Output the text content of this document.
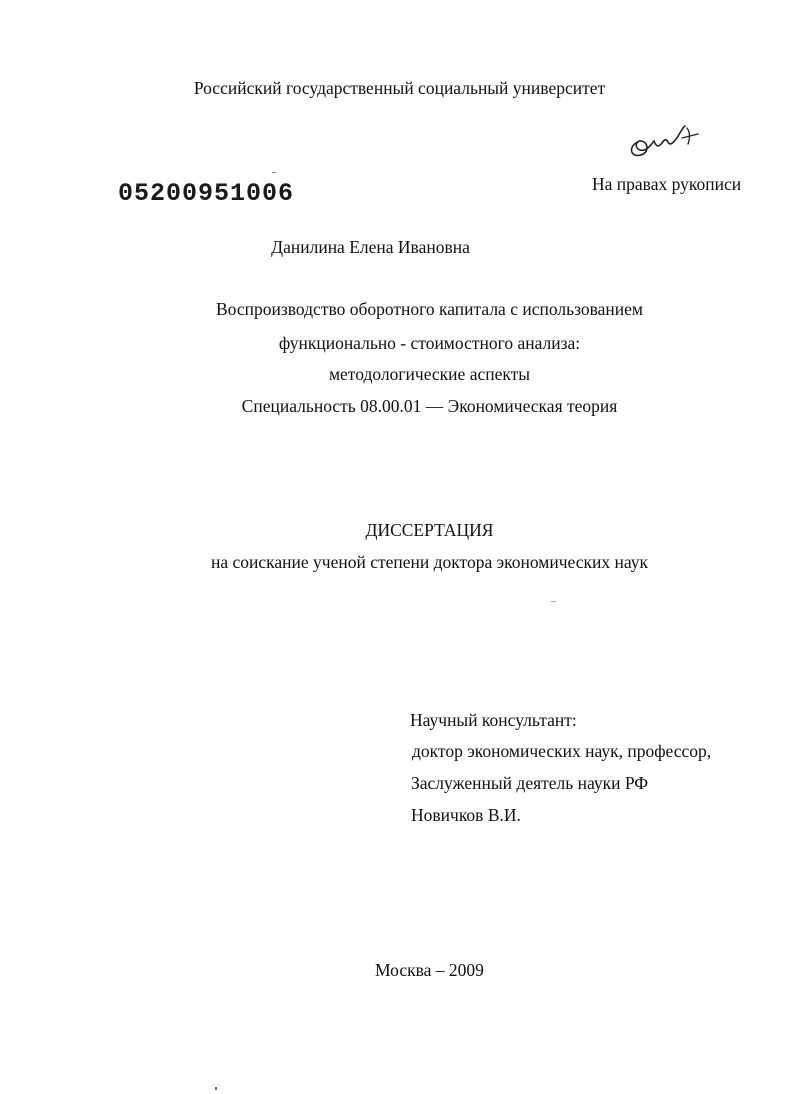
Российский государственный социальный университет
05200951006	На правах рукописи
Данилина Елена Ивановна
Воспроизводство оборотного капитала с использованием
функционально - стоимостного анализа:
методологические аспекты
Специальность 08.00.01 — Экономическая теория
ДИССЕРТАЦИЯ
на соискание ученой степени доктора экономических наук
Научный консультант:
доктор экономических наук, профессор,
Заслуженный деятель науки РФ
Новичков В.И.
Москва – 2009
